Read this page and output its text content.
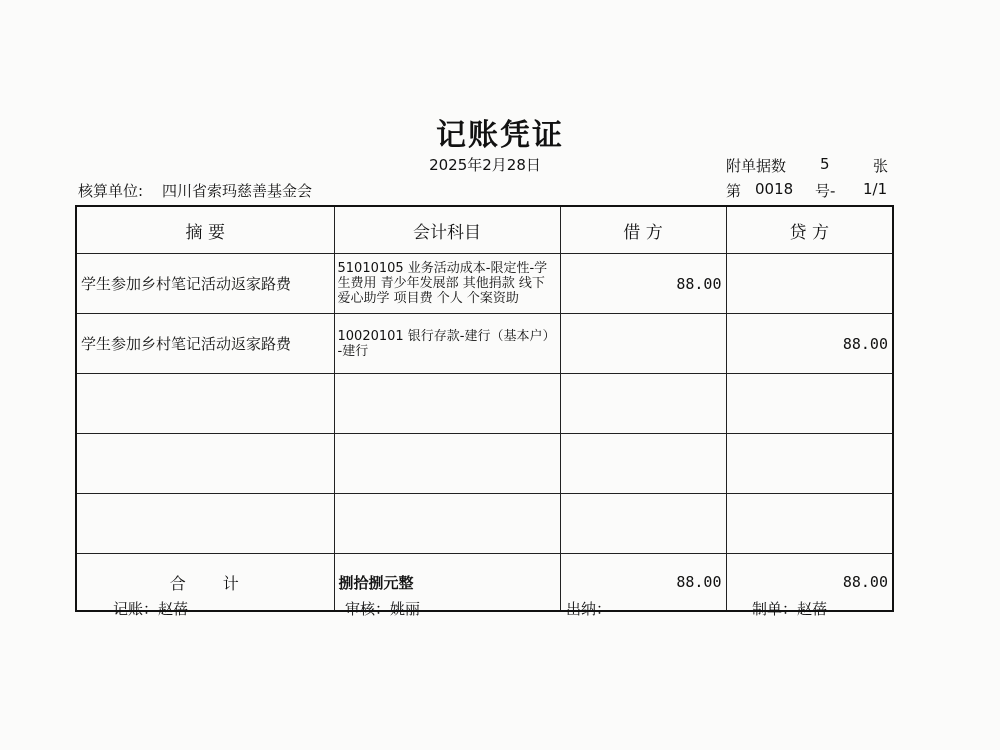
记账凭证
2025年2月28日	附单据数 5	张
核算单位: 四川省索玛慈善基金会	第 0018 号- 1/1
摘 要	会计科目	借 方	贷 方
学生参加乡村笔记活动返家路费	51010105 业务活动成本-限定性-学生费用 青少年发展部 其他捐款 线下爱心助学 项目费 个人 个案资助	88.00	
学生参加乡村笔记活动返家路费	10020101 银行存款-建行（基本户）-建行		88.00

合 计	捌拾捌元整	88.00	88.00
记账：赵蓓	审核：姚丽	出纳：	制单：赵蓓
